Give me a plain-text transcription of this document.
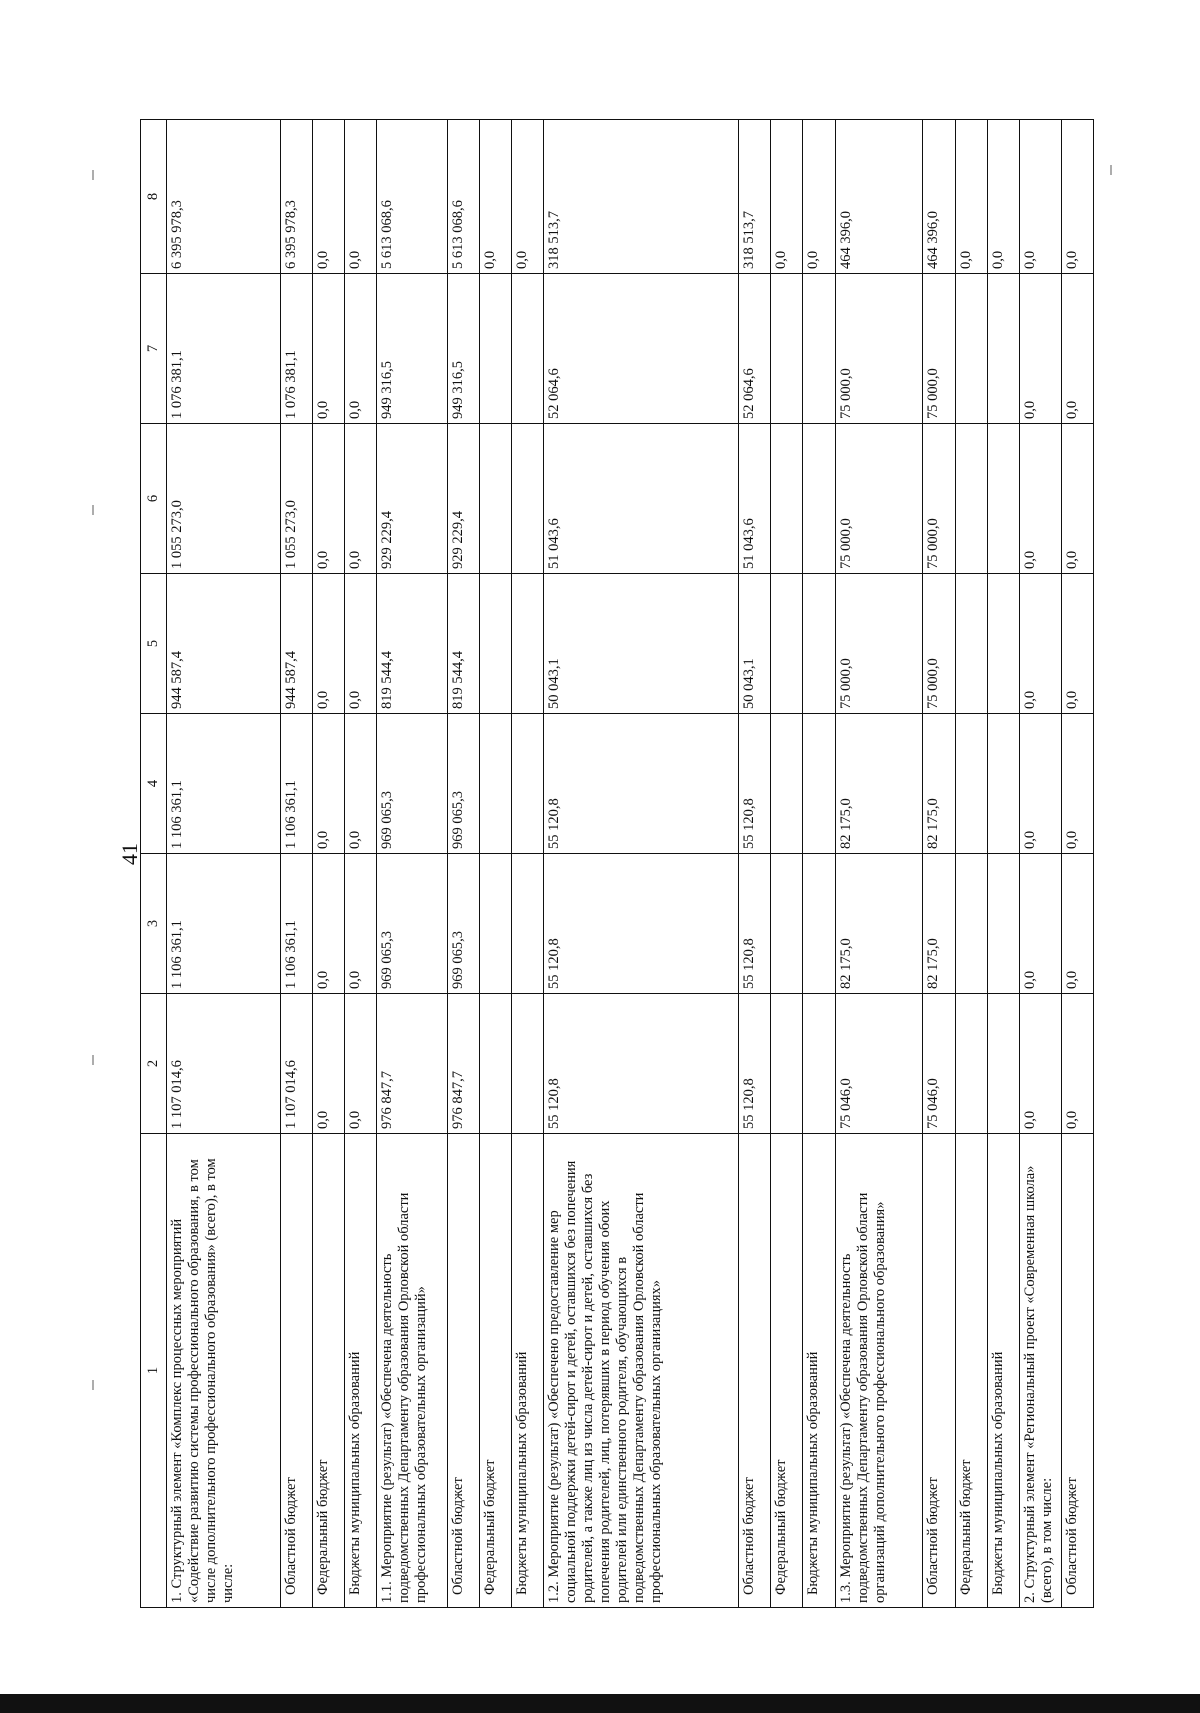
41
1	2	3	4	5	6	7	8
1. Структурный элемент «Комплекс процессных мероприятий «Содействие развитию системы профессионального образования, в том числе дополнительного профессионального образования» (всего), в том числе:	1 107 014,6	1 106 361,1	1 106 361,1	944 587,4	1 055 273,0	1 076 381,1	6 395 978,3
Областной бюджет	1 107 014,6	1 106 361,1	1 106 361,1	944 587,4	1 055 273,0	1 076 381,1	6 395 978,3
Федеральный бюджет	0,0	0,0	0,0	0,0	0,0	0,0	0,0
Бюджеты муниципальных образований	0,0	0,0	0,0	0,0	0,0	0,0	0,0
1.1. Мероприятие (результат) «Обеспечена деятельность подведомственных Департаменту образования Орловской области профессиональных образовательных организаций»	976 847,7	969 065,3	969 065,3	819 544,4	929 229,4	949 316,5	5 613 068,6
Областной бюджет	976 847,7	969 065,3	969 065,3	819 544,4	929 229,4	949 316,5	5 613 068,6
Федеральный бюджет							0,0
Бюджеты муниципальных образований							0,0
1.2. Мероприятие (результат) «Обеспечено предоставление мер социальной поддержки детей-сирот и детей, оставшихся без попечения родителей, а также лиц из числа детей-сирот и детей, оставшихся без попечения родителей, лиц, потерявших в период обучения обоих родителей или единственного родителя, обучающихся в подведомственных Департаменту образования Орловской области профессиональных образовательных организациях»	55 120,8	55 120,8	55 120,8	50 043,1	51 043,6	52 064,6	318 513,7
Областной бюджет	55 120,8	55 120,8	55 120,8	50 043,1	51 043,6	52 064,6	318 513,7
Федеральный бюджет							0,0
Бюджеты муниципальных образований							0,0
1.3. Мероприятие (результат) «Обеспечена деятельность подведомственных Департаменту образования Орловской области организаций дополнительного профессионального образования»	75 046,0	82 175,0	82 175,0	75 000,0	75 000,0	75 000,0	464 396,0
Областной бюджет	75 046,0	82 175,0	82 175,0	75 000,0	75 000,0	75 000,0	464 396,0
Федеральный бюджет							0,0
Бюджеты муниципальных образований							0,0
2. Структурный элемент «Региональный проект «Современная школа» (всего), в том числе:	0,0	0,0	0,0	0,0	0,0	0,0	0,0
Областной бюджет	0,0	0,0	0,0	0,0	0,0	0,0	0,0
